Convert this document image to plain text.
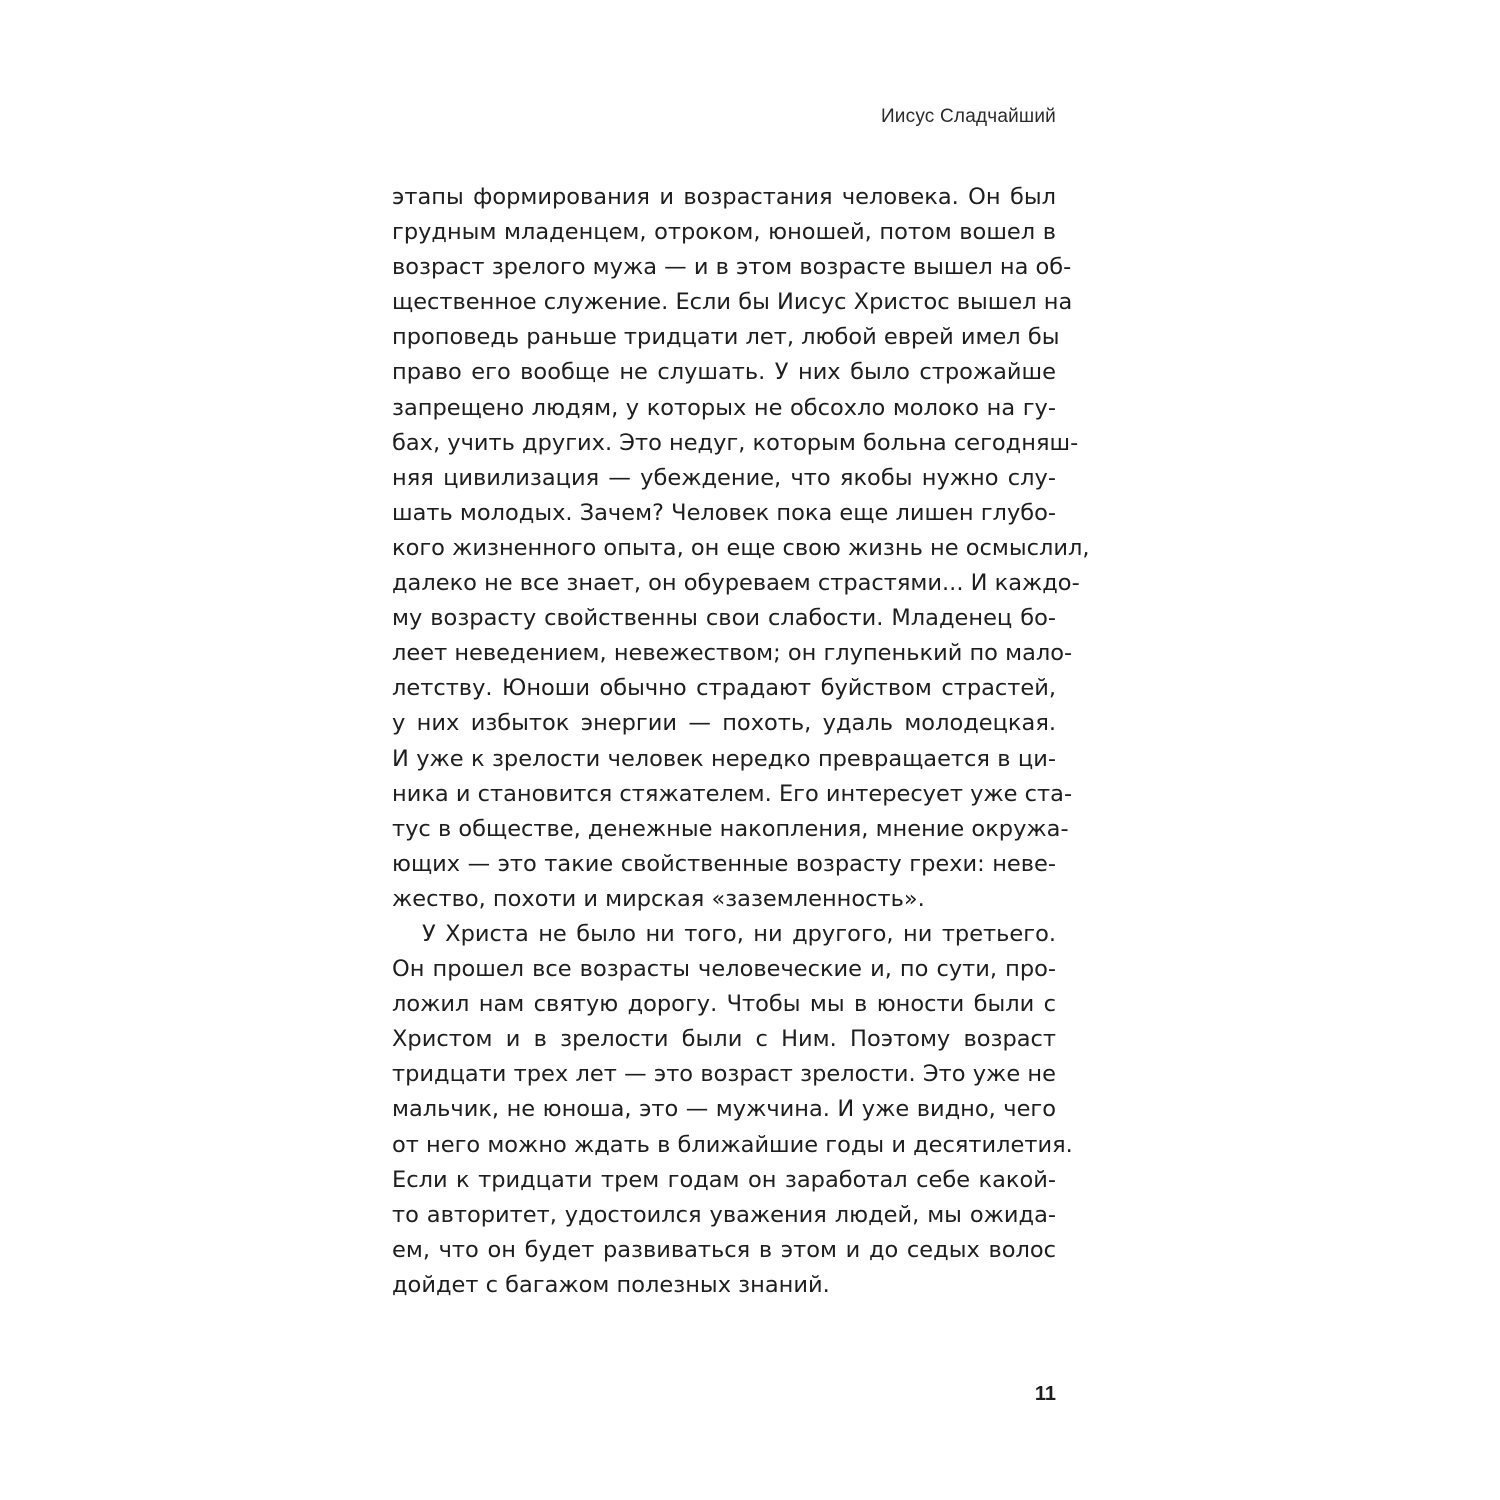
Иисус Сладчайший
этапы формирования и возрастания человека. Он был
грудным младенцем, отроком, юношей, потом вошел в
возраст зрелого мужа — и в этом возрасте вышел на об-
щественное служение. Если бы Иисус Христос вышел на
проповедь раньше тридцати лет, любой еврей имел бы
право его вообще не слушать. У них было строжайше
запрещено людям, у которых не обсохло молоко на гу-
бах, учить других. Это недуг, которым больна сегодняш-
няя цивилизация — убеждение, что якобы нужно слу-
шать молодых. Зачем? Человек пока еще лишен глубо-
кого жизненного опыта, он еще свою жизнь не осмыслил,
далеко не все знает, он обуреваем страстями... И каждо-
му возрасту свойственны свои слабости. Младенец бо-
леет неведением, невежеством; он глупенький по мало-
летству. Юноши обычно страдают буйством страстей,
у них избыток энергии — похоть, удаль молодецкая.
И уже к зрелости человек нередко превращается в ци-
ника и становится стяжателем. Его интересует уже ста-
тус в обществе, денежные накопления, мнение окружа-
ющих — это такие свойственные возрасту грехи: неве-
жество, похоти и мирская «заземленность».
У Христа не было ни того, ни другого, ни третьего.
Он прошел все возрасты человеческие и, по сути, про-
ложил нам святую дорогу. Чтобы мы в юности были с
Христом и в зрелости были с Ним. Поэтому возраст
тридцати трех лет — это возраст зрелости. Это уже не
мальчик, не юноша, это — мужчина. И уже видно, чего
от него можно ждать в ближайшие годы и десятилетия.
Если к тридцати трем годам он заработал себе какой-
то авторитет, удостоился уважения людей, мы ожида-
ем, что он будет развиваться в этом и до седых волос
дойдет с багажом полезных знаний.
11
